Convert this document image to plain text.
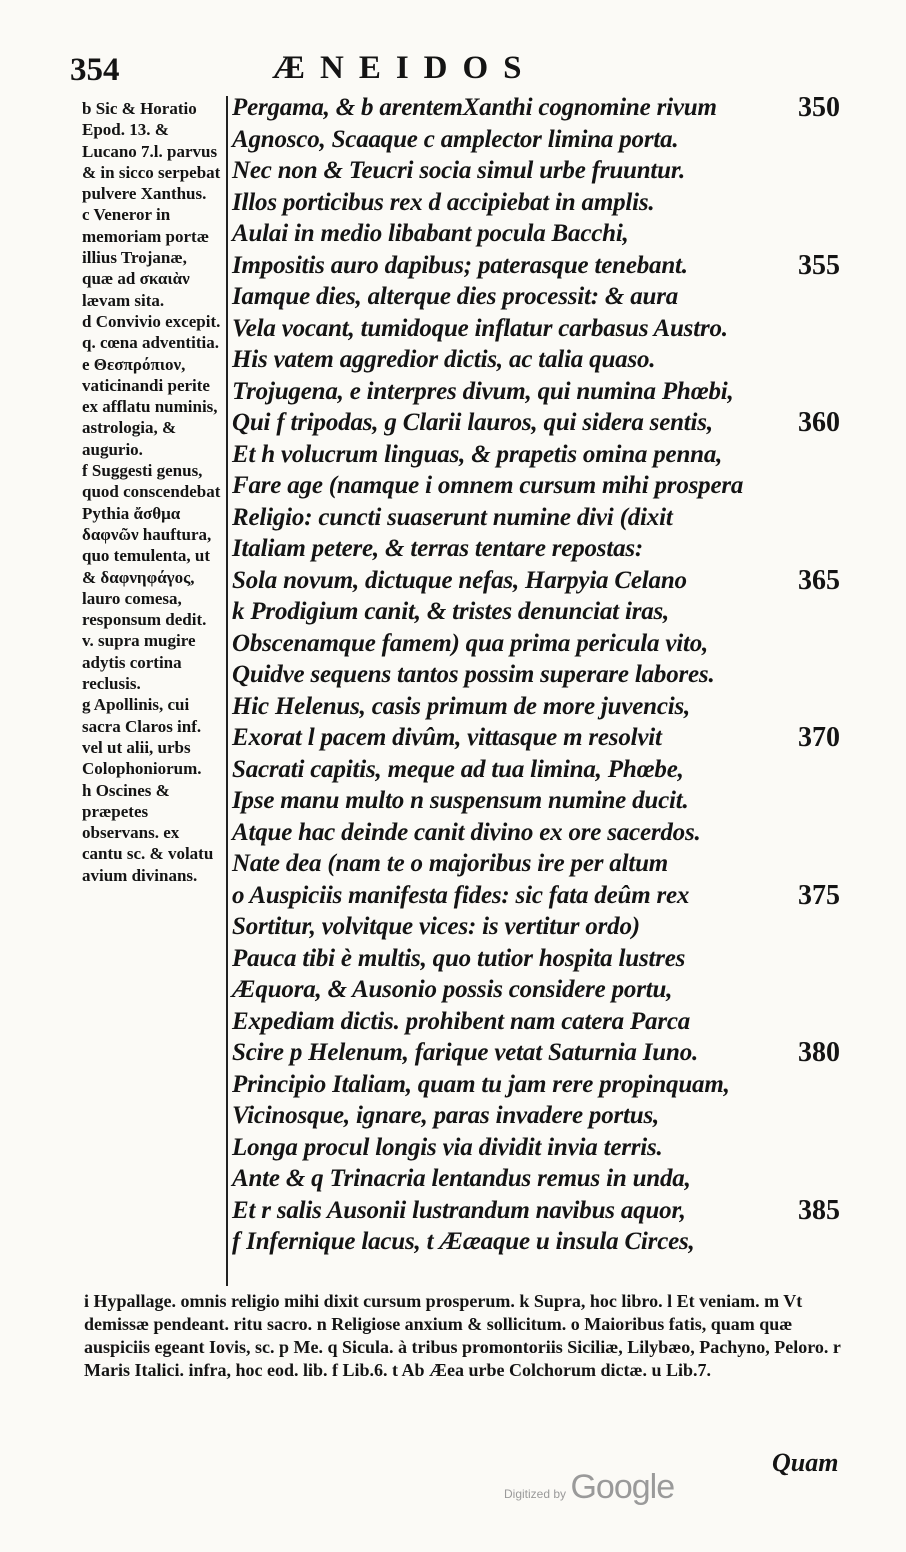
354	ÆNEIDOS

b Sic & Horatio Epod. 13. & Lucano 7.l. parvus & in sicco serpebat pulvere Xanthus.

c Veneror in memoriam portæ illius Trojanæ, quæ ad σκαιὰν lævam sita.

d Convivio excepit. q. cœna adventitia.

e Θεσπρόπιον, vaticinandi perite ex afflatu numinis, astrologia, & augurio.

f Suggesti genus, quod conscendebat Pythia ἄσθμα δαφνῶν hauftura, quo temulenta, ut & δαφνηφάγος, lauro comesa, responsum dedit. v. supra mugire adytis cortina reclusis.

g Apollinis, cui sacra Claros inf. vel ut alii, urbs Colophoniorum.

h Oscines & præpetes observans. ex cantu sc. & volatu avium divinans.

Pergama, & b arentemXanthi cognomine rivum
Agnosco, Scaaque c amplector limina porta.
Nec non & Teucri socia simul urbe fruuntur.
Illos porticibus rex d accipiebat in amplis.
Aulai in medio libabant pocula Bacchi,
Impositis auro dapibus; paterasque tenebant.
Iamque dies, alterque dies processit: & aura
Vela vocant, tumidoque inflatur carbasus Austro.
His vatem aggredior dictis, ac talia quaso.
Trojugena, e interpres divum, qui numina Phœbi,
Qui f tripodas, g Clarii lauros, qui sidera sentis,
Et h volucrum linguas, & prapetis omina penna,
Fare age (namque i omnem cursum mihi prospera
Religio: cuncti suaserunt numine divi (dixit
Italiam petere, & terras tentare repostas:
Sola novum, dictuque nefas, Harpyia Celano
k Prodigium canit, & tristes denunciat iras,
Obscenamque famem) qua prima pericula vito,
Quidve sequens tantos possim superare labores.
Hic Helenus, casis primum de more juvencis,
Exorat l pacem divûm, vittasque m resolvit
Sacrati capitis, meque ad tua limina, Phœbe,
Ipse manu multo n suspensum numine ducit.
Atque hac deinde canit divino ex ore sacerdos.
Nate dea (nam te o majoribus ire per altum
o Auspiciis manifesta fides: sic fata deûm rex
Sortitur, volvitque vices: is vertitur ordo)
Pauca tibi è multis, quo tutior hospita lustres
Æquora, & Ausonio possis considere portu,
Expediam dictis. prohibent nam catera Parca
Scire p Helenum, farique vetat Saturnia Iuno.
Principio Italiam, quam tu jam rere propinquam,
Vicinosque, ignare, paras invadere portus,
Longa procul longis via dividit invia terris.
Ante & q Trinacria lentandus remus in unda,
Et r salis Ausonii lustrandum navibus aquor,
f Infernique lacus, t Ææaque u insula Circes,
350
355
360
365
370
375
380
385
i Hypallage. omnis religio mihi dixit cursum prosperum. k Supra, hoc libro. l Et veniam. m Vt demissæ pendeant. ritu sacro. n Religiose anxium & sollicitum. o Maioribus fatis, quam quæ auspiciis egeant Iovis, sc. p Me. q Sicula. à tribus promontoriis Siciliæ, Lilybæo, Pachyno, Peloro. r Maris Italici. infra, hoc eod. lib. f Lib.6. t Ab Æea urbe Colchorum dictæ. u Lib.7.
Quam
Digitized by Google
